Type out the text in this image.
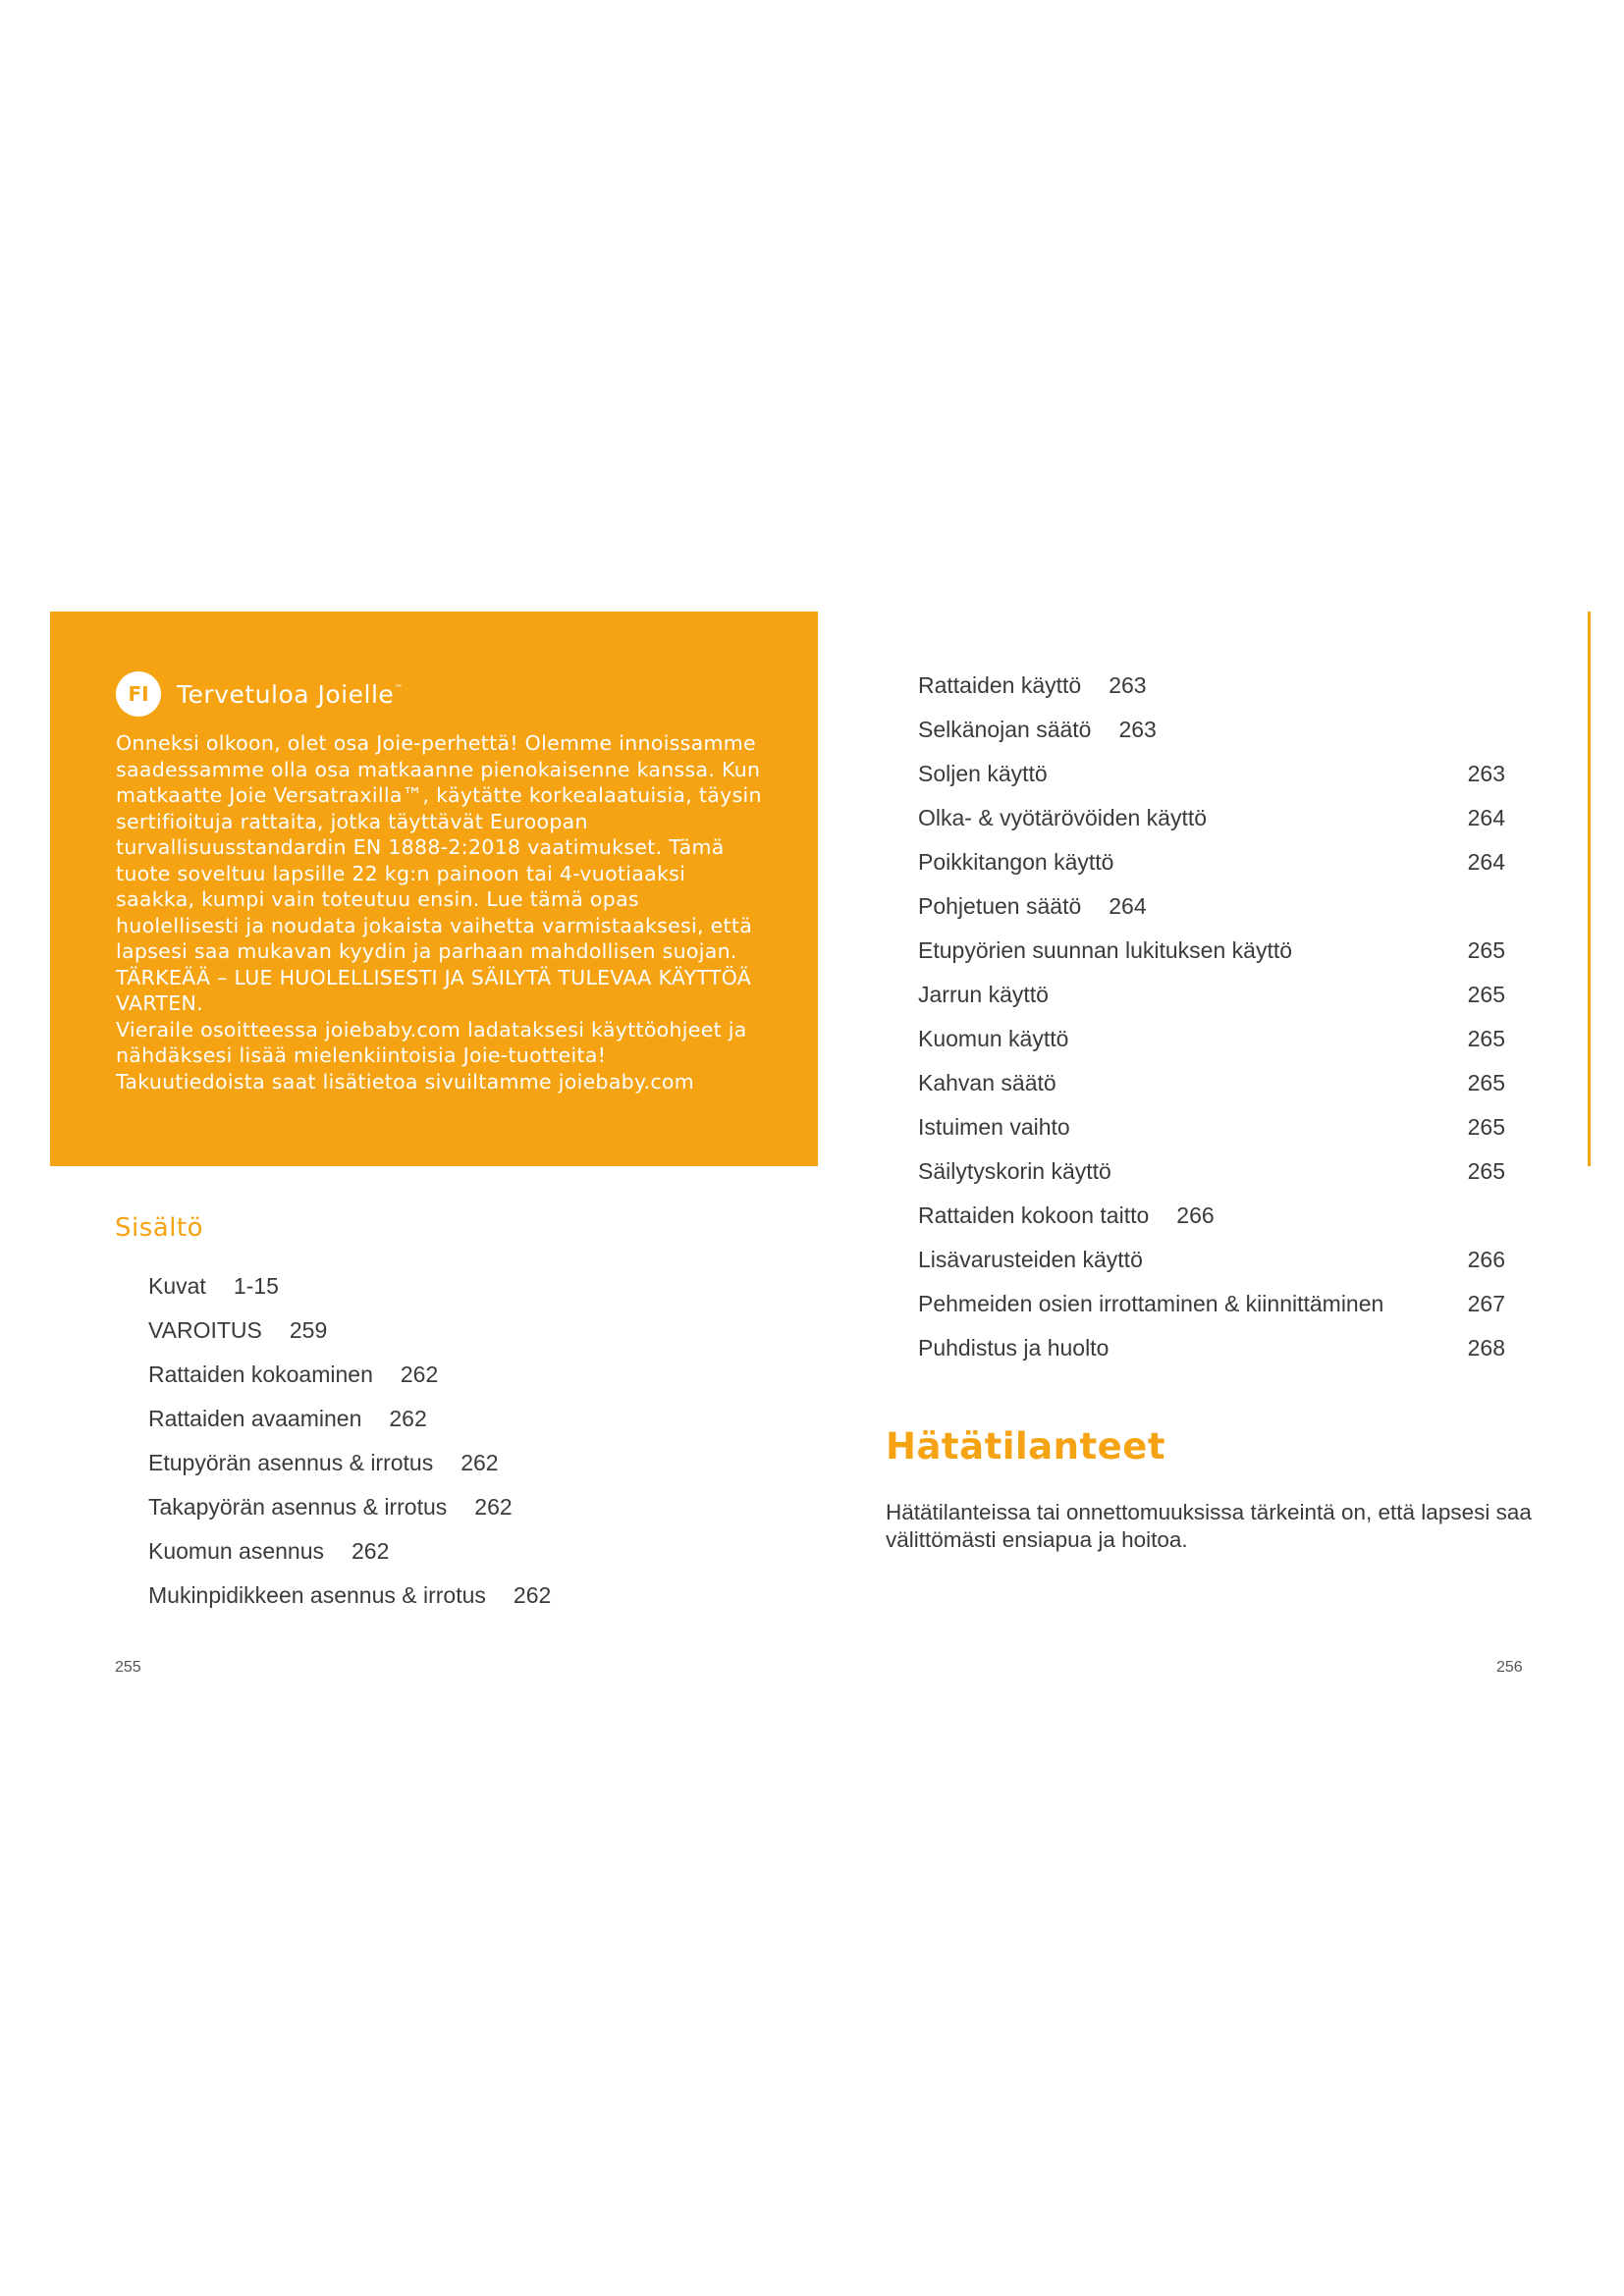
FI	Tervetuloa Joielle™

Onneksi olkoon, olet osa Joie-perhettä! Olemme innoissamme saadessamme olla osa matkaanne pienokaisenne kanssa. Kun matkaatte Joie Versatraxilla™, käytätte korkealaatuisia, täysin sertifioituja rattaita, jotka täyttävät Euroopan turvallisuusstandardin EN 1888-2:2018 vaatimukset. Tämä tuote soveltuu lapsille 22 kg:n painoon tai 4-vuotiaaksi saakka, kumpi vain toteutuu ensin. Lue tämä opas huolellisesti ja noudata jokaista vaihetta varmistaaksesi, että lapsesi saa mukavan kyydin ja parhaan mahdollisen suojan.

TÄRKEÄÄ – LUE HUOLELLISESTI JA SÄILYTÄ TULEVAA KÄYTTÖÄ VARTEN.

Vieraile osoitteessa joiebaby.com ladataksesi käyttöohjeet ja nähdäksesi lisää mielenkiintoisia Joie-tuotteita!

Takuutiedoista saat lisätietoa sivuiltamme joiebaby.com

Sisältö
Kuvat 1-15
VAROITUS 259
Rattaiden kokoaminen 262
Rattaiden avaaminen 262
Etupyörän asennus & irrotus 262
Takapyörän asennus & irrotus 262
Kuomun asennus 262
Mukinpidikkeen asennus & irrotus 262
Rattaiden käyttö 263
Selkänojan säätö 263
Soljen käyttö	263
Olka- & vyötärövöiden käyttö	264
Poikkitangon käyttö	264
Pohjetuen säätö 264
Etupyörien suunnan lukituksen käyttö	265
Jarrun käyttö	265
Kuomun käyttö	265
Kahvan säätö	265
Istuimen vaihto	265
Säilytyskorin käyttö	265
Rattaiden kokoon taitto 266
Lisävarusteiden käyttö	266
Pehmeiden osien irrottaminen & kiinnittäminen	267
Puhdistus ja huolto	268
Hätätilanteet

Hätätilanteissa tai onnettomuuksissa tärkeintä on, että lapsesi saa välittömästi ensiapua ja hoitoa.

255	256
